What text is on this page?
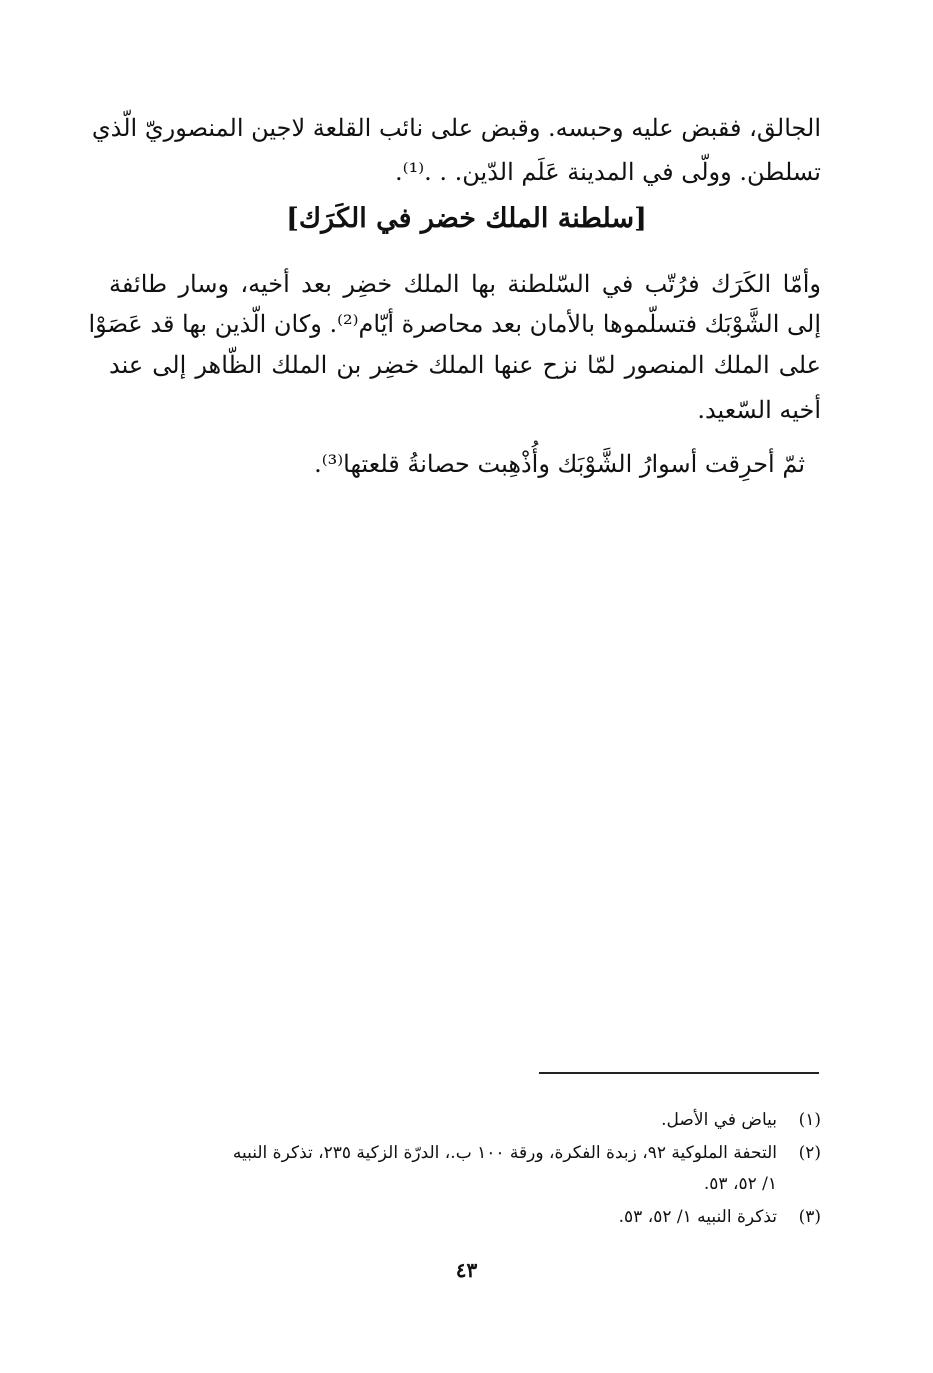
الجالق، فقبض عليه وحبسه. وقبض على نائب القلعة لاجين المنصوريّ الّذي
تسلطن. وولّى في المدينة عَلَم الدّين. . .⁽¹⁾.
[سلطنة الملك خضر في الكَرَك]
وأمّا الكَرَك فرُتّب في السّلطنة بها الملك خضِر بعد أخيه، وسار طائفة
إلى الشَّوْبَك فتسلّموها بالأمان بعد محاصرة أيّام⁽²⁾. وكان الّذين بها قد عَصَوْا
على الملك المنصور لمّا نزح عنها الملك خضِر بن الملك الظّاهر إلى عند
أخيه السّعيد.
ثمّ أحرِقت أسوارُ الشَّوْبَك وأُذْهِبت حصانةُ قلعتها⁽³⁾.
(١)بياض في الأصل.
(٢)التحفة الملوكية ٩٢، زبدة الفكرة، ورقة ١٠٠ ب.، الدرّة الزكية ٢٣٥، تذكرة النبيه
١/ ٥٢، ٥٣.
(٣)تذكرة النبيه ١/ ٥٢، ٥٣.
٤٣
